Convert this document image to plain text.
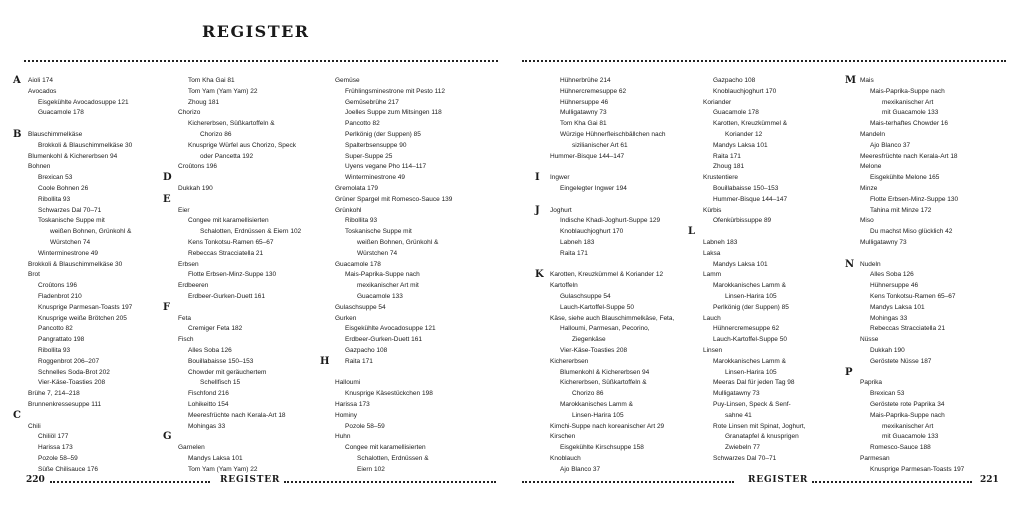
REGISTER
Aioli 174
Avocados
Eisgekühlte Avocadosuppe 121
Guacamole 178
Blauschimmelkäse
Brokkoli & Blauschimmelkäse 30
Blumenkohl & Kichererbsen 94
Bohnen
Brexican 53
Coole Bohnen 26
Ribollita 93
Schwarzes Dal 70–71
Toskanische Suppe mit
weißen Bohnen, Grünkohl &
Würstchen 74
Winterminestrone 49
Brokkoli & Blauschimmelkäse 30
Brot
Croûtons 196
Fladenbrot 210
Knusprige Parmesan-Toasts 197
Knusprige weiße Brötchen 205
Pancotto 82
Pangrattato 198
Ribollita 93
Roggenbrot 206–207
Schnelles Soda-Brot 202
Vier-Käse-Toasties 208
Brühe 7, 214–218
Brunnenkressesuppe 111
Chili
Chiliöl 177
Harissa 173
Pozole 58–59
Süße Chilisauce 176
A
B
C
Tom Kha Gai 81
Tom Yam (Yam Yam) 22
Zhoug 181
Chorizo
Kichererbsen, Süßkartoffeln &
Chorizo 86
Knusprige Würfel aus Chorizo, Speck
oder Pancetta 192
Croûtons 196
Dukkah 190
Eier
Congee mit karamellisierten
Schalotten, Erdnüssen & Eiern 102
Kens Tonkotsu-Ramen 65–67
Rebeccas Stracciatella 21
Erbsen
Flotte Erbsen-Minz-Suppe 130
Erdbeeren
Erdbeer-Gurken-Duett 161
Feta
Cremiger Feta 182
Fisch
Alles Soba 126
Bouillabaisse 150–153
Chowder mit geräuchertem
Schellfisch 15
Fischfond 216
Lohikeitto 154
Meeresfrüchte nach Kerala-Art 18
Mohingas 33
Garnelen
Mandys Laksa 101
Tom Yam (Yam Yam) 22
D
E
F
G
Gemüse
Frühlingsminestrone mit Pesto 112
Gemüsebrühe 217
Joelles Suppe zum Mitsingen 118
Pancotto 82
Perlkönig (der Suppen) 85
Spalterbsensuppe 90
Super-Suppe 25
Uyens vegane Pho 114–117
Winterminestrone 49
Gremolata 179
Grüner Spargel mit Romesco-Sauce 139
Grünkohl
Ribollita 93
Toskanische Suppe mit
weißen Bohnen, Grünkohl &
Würstchen 74
Guacamole 178
Mais-Paprika-Suppe nach
mexikanischer Art mit
Guacamole 133
Gulaschsuppe 54
Gurken
Eisgekühlte Avocadosuppe 121
Erdbeer-Gurken-Duett 161
Gazpacho 108
Raita 171
Halloumi
Knusprige Käsestückchen 198
Harissa 173
Hominy
Pozole 58–59
Huhn
Congee mit karamellisierten
Schalotten, Erdnüssen &
Eiern 102
H
220	REGISTER
Hühnerbrühe 214
Hühnercremesuppe 62
Hühnersuppe 46
Mulligatawny 73
Tom Kha Gai 81
Würzige Hühnerfleischbällchen nach
sizilianischer Art 61
Hummer-Bisque 144–147
Ingwer
Eingelegter Ingwer 194
Joghurt
Indische Khadi-Joghurt-Suppe 129
Knoblauchjoghurt 170
Labneh 183
Raita 171
Karotten, Kreuzkümmel & Koriander 12
Kartoffeln
Gulaschsuppe 54
Lauch-Kartoffel-Suppe 50
Käse, siehe auch Blauschimmelkäse, Feta,
Halloumi, Parmesan, Pecorino,
Ziegenkäse
Vier-Käse-Toasties 208
Kichererbsen
Blumenkohl & Kichererbsen 94
Kichererbsen, Süßkartoffeln &
Chorizo 86
Marokkanisches Lamm &
Linsen-Harira 105
Kimchi-Suppe nach koreanischer Art 29
Kirschen
Eisgekühlte Kirschsuppe 158
Knoblauch
Ajo Blanco 37
I
J
K
Gazpacho 108
Knoblauchjoghurt 170
Koriander
Guacamole 178
Karotten, Kreuzkümmel &
Koriander 12
Mandys Laksa 101
Raita 171
Zhoug 181
Krustentiere
Bouillabaisse 150–153
Hummer-Bisque 144–147
Kürbis
Ofenkürbissuppe 89
Labneh 183
Laksa
Mandys Laksa 101
Lamm
Marokkanisches Lamm &
Linsen-Harira 105
Perlkönig (der Suppen) 85
Lauch
Hühnercremesuppe 62
Lauch-Kartoffel-Suppe 50
Linsen
Marokkanisches Lamm &
Linsen-Harira 105
Meeras Dal für jeden Tag 98
Mulligatawny 73
Puy-Linsen, Speck & Senf-
sahne 41
Rote Linsen mit Spinat, Joghurt,
Granatapfel & knusprigen
Zwiebeln 77
Schwarzes Dal 70–71
L
Mais
Mais-Paprika-Suppe nach
mexikanischer Art
mit Guacamole 133
Mais-terhaftes Chowder 16
Mandeln
Ajo Blanco 37
Meeresfrüchte nach Kerala-Art 18
Melone
Eisgekühlte Melone 165
Minze
Flotte Erbsen-Minz-Suppe 130
Tahina mit Minze 172
Miso
Du machst Miso glücklich 42
Mulligatawny 73
Nudeln
Alles Soba 126
Hühnersuppe 46
Kens Tonkotsu-Ramen 65–67
Mandys Laksa 101
Mohingas 33
Rebeccas Stracciatella 21
Nüsse
Dukkah 190
Geröstete Nüsse 187
Paprika
Brexican 53
Geröstete rote Paprika 34
Mais-Paprika-Suppe nach
mexikanischer Art
mit Guacamole 133
Romesco-Sauce 188
Parmesan
Knusprige Parmesan-Toasts 197
M
N
P
REGISTER	221
